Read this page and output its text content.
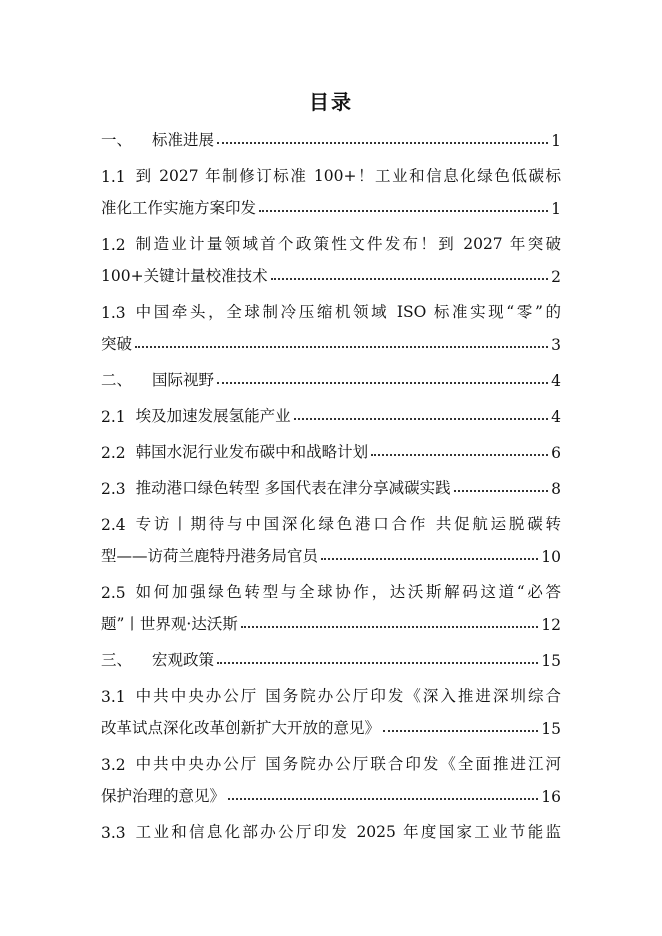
目录
一、 标准进展	1
1.1 到 2027 年制修订标准 100+！工业和信息化绿色低碳标
准化工作实施方案印发	1
1.2 制造业计量领域首个政策性文件发布！到 2027 年突破
100+关键计量校准技术	2
1.3 中国牵头，全球制冷压缩机领域 ISO 标准实现“零”的
突破	3
二、 国际视野	4
2.1 埃及加速发展氢能产业	4
2.2 韩国水泥行业发布碳中和战略计划	6
2.3 推动港口绿色转型 多国代表在津分享减碳实践	8
2.4 专访丨期待与中国深化绿色港口合作 共促航运脱碳转
型——访荷兰鹿特丹港务局官员	10
2.5 如何加强绿色转型与全球协作，达沃斯解码这道“必答
题”丨世界观·达沃斯	12
三、 宏观政策	15
3.1 中共中央办公厅 国务院办公厅印发《深入推进深圳综合
改革试点深化改革创新扩大开放的意见》	15
3.2 中共中央办公厅 国务院办公厅联合印发《全面推进江河
保护治理的意见》	16
3.3 工业和信息化部办公厅印发 2025 年度国家工业节能监
